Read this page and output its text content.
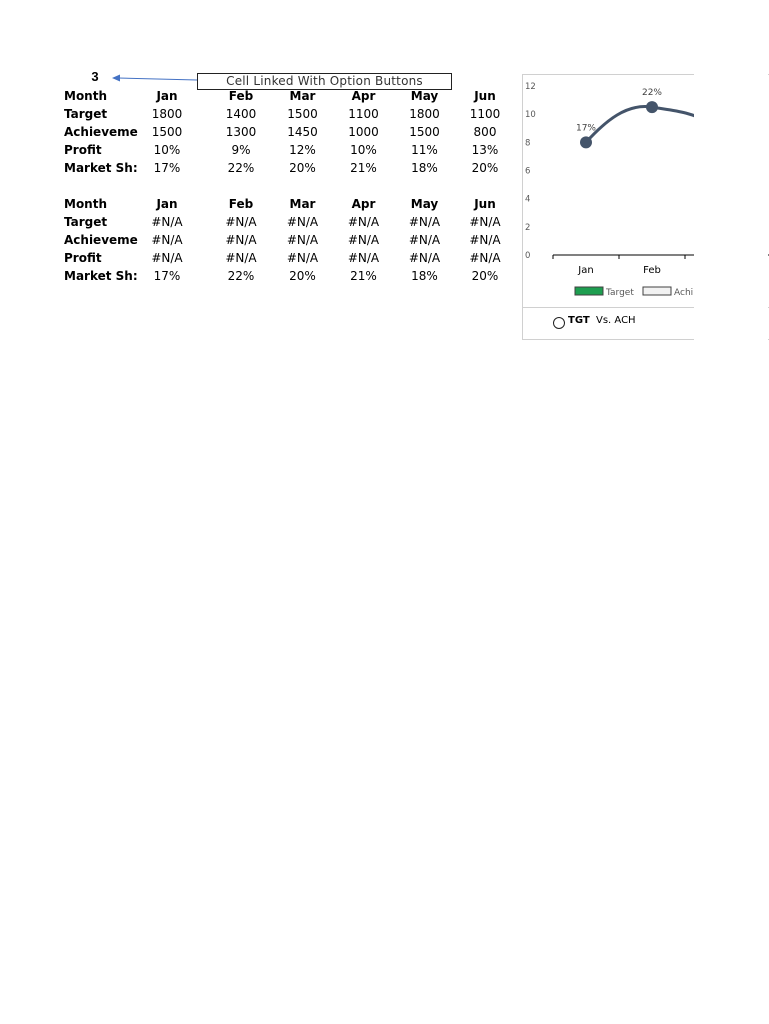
3	Cell Linked With Option Buttons
Month	Jan	Feb	Mar	Apr	May	Jun
Target	1800	1400	1500	1100	1800	1100
Achieveme	1500	1300	1450	1000	1500	800
Profit	10%	9%	12%	10%	11%	13%
Market Sh:	17%	22%	20%	21%	18%	20%
Month	Jan	Feb	Mar	Apr	May	Jun
Target	#N/A	#N/A	#N/A	#N/A	#N/A	#N/A
Achieveme	#N/A	#N/A	#N/A	#N/A	#N/A	#N/A
Profit	#N/A	#N/A	#N/A	#N/A	#N/A	#N/A
Market Sh:	17%	22%	20%	21%	18%	20%
0
2
4
6
8
10
12
Jan	Feb
17%
22%
Target	Achi
TGT Vs. ACH
